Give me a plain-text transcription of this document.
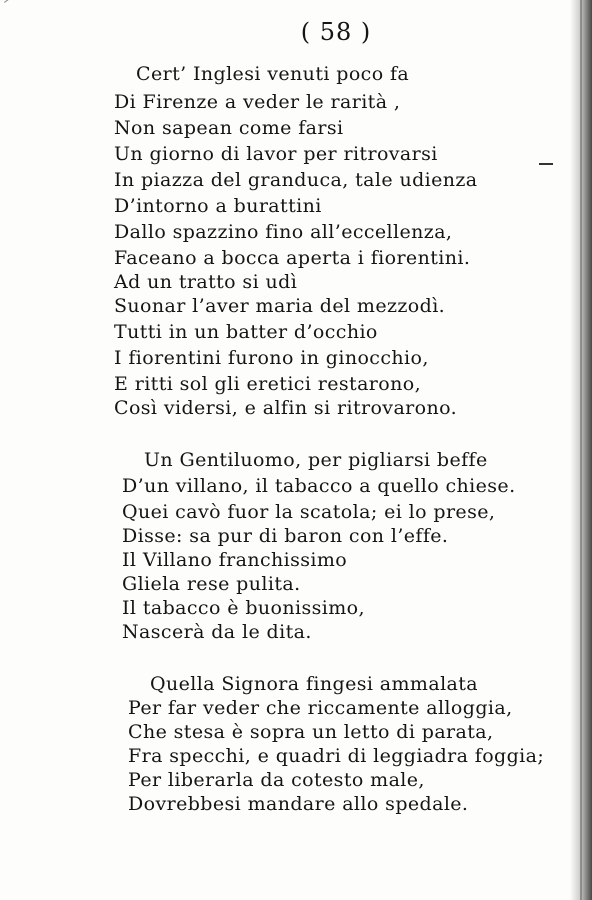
( 58 )
Cert’ Inglesi venuti poco fa
Di Firenze a veder le rarità ,
Non sapean come farsi
Un giorno di lavor per ritrovarsi
In piazza del granduca, tale udienza
D’intorno a burattini
Dallo spazzino fino all’eccellenza,
Faceano a bocca aperta i fiorentini.
Ad un tratto si udì
Suonar l’aver maria del mezzodì.
Tutti in un batter d’occhio
I fiorentini furono in ginocchio,
E ritti sol gli eretici restarono,
Così vidersi, e alfin si ritrovarono.
Un Gentiluomo, per pigliarsi beffe
D’un villano, il tabacco a quello chiese.
Quei cavò fuor la scatola; ei lo prese,
Disse: sa pur di baron con l’effe.
Il Villano franchissimo
Gliela rese pulita.
Il tabacco è buonissimo,
Nascerà da le dita.
Quella Signora fingesi ammalata
Per far veder che riccamente alloggia,
Che stesa è sopra un letto di parata,
Fra specchi, e quadri di leggiadra foggia;
Per liberarla da cotesto male,
Dovrebbesi mandare allo spedale.
